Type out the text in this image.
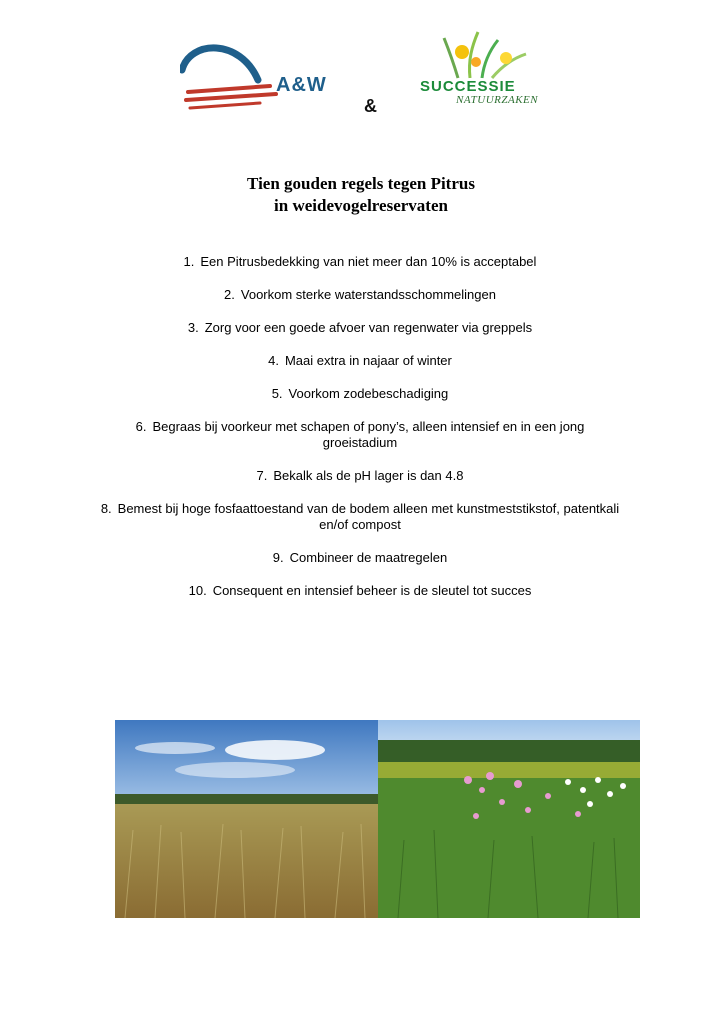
A&W
&
SUCCESSIE
NATUURZAKEN
Tien gouden regels tegen Pitrus
in weidevogelreservaten
1. Een Pitrusbedekking van niet meer dan 10% is acceptabel
2. Voorkom sterke waterstandsschommelingen
3. Zorg voor een goede afvoer van regenwater via greppels
4. Maai extra in najaar of winter
5. Voorkom zodebeschadiging
6. Begraas bij voorkeur met schapen of pony’s, alleen intensief en in een jong groeistadium
7. Bekalk als de pH lager is dan 4.8
8. Bemest bij hoge fosfaattoestand van de bodem alleen met kunstmeststikstof, patentkali en/of compost
9. Combineer de maatregelen
10. Consequent en intensief beheer is de sleutel tot succes
